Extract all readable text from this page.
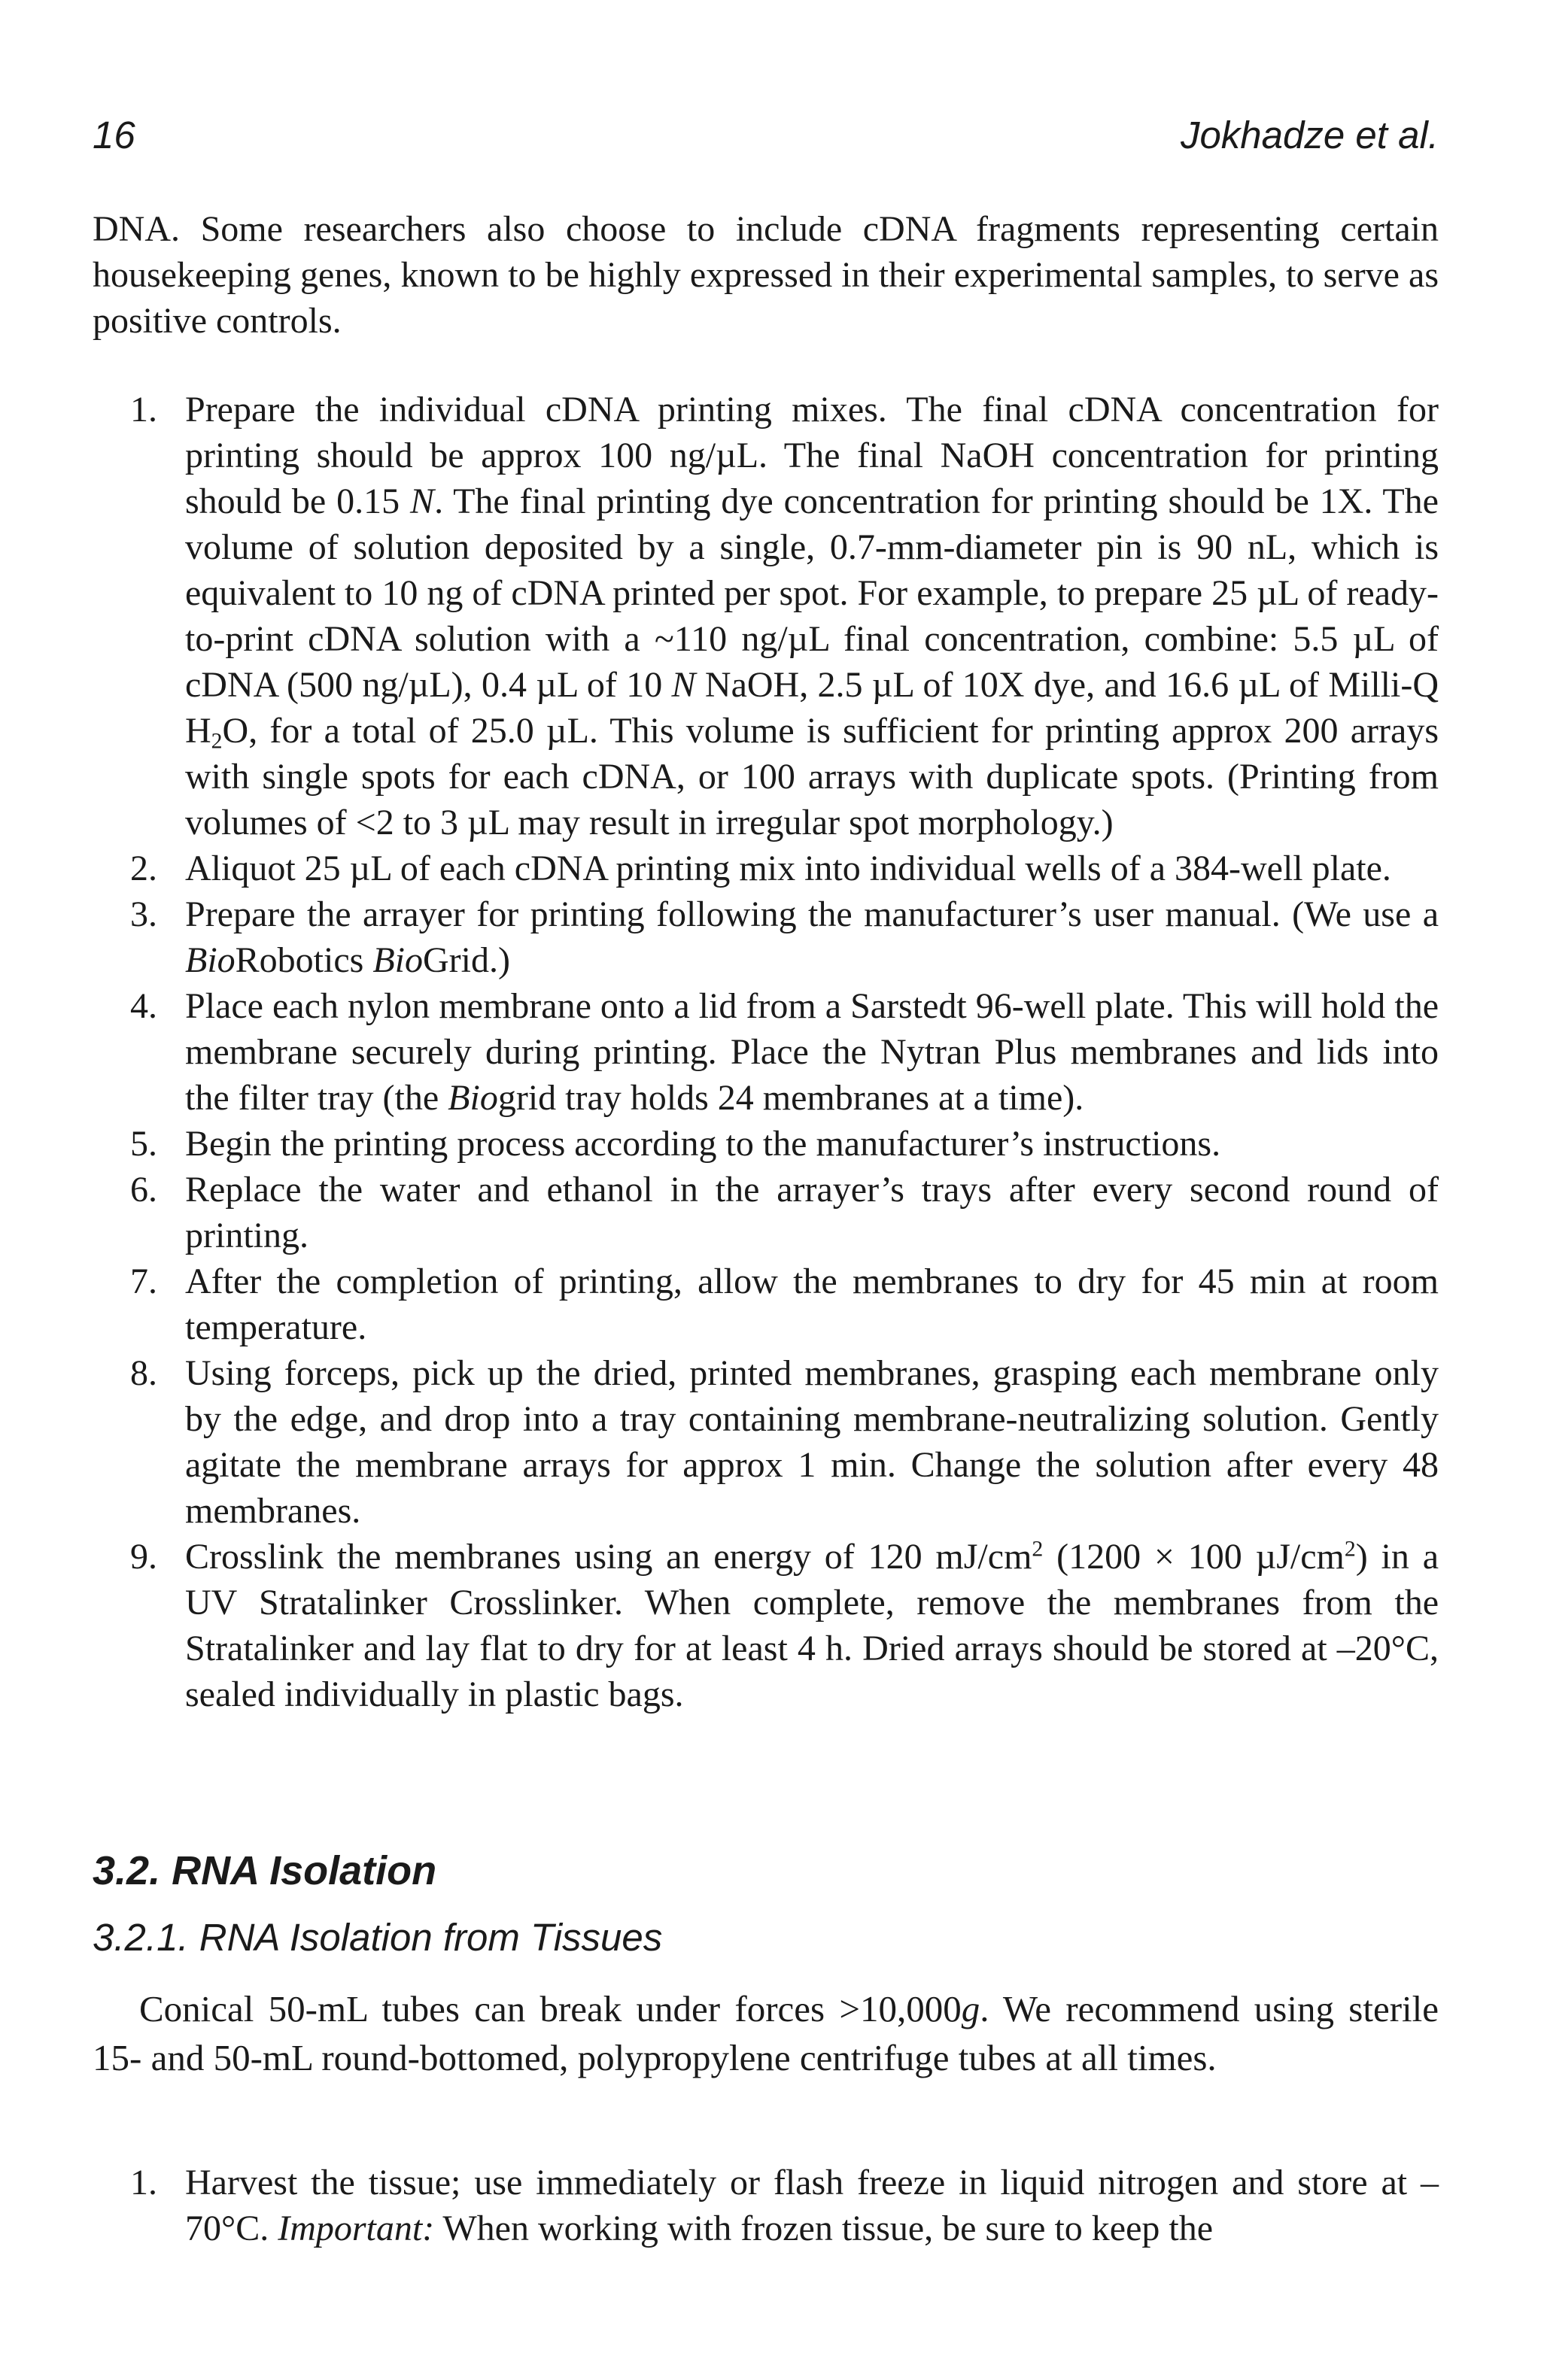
16	Jokhadze et al.

DNA. Some researchers also choose to include cDNA fragments representing certain housekeeping genes, known to be highly expressed in their experimental samples, to serve as positive controls.

1. Prepare the individual cDNA printing mixes. The final cDNA concentration for printing should be approx 100 ng/µL. The final NaOH concentration for printing should be 0.15 N. The final printing dye concentration for printing should be 1X. The volume of solution deposited by a single, 0.7-mm-diameter pin is 90 nL, which is equivalent to 10 ng of cDNA printed per spot. For example, to prepare 25 µL of ready-to-print cDNA solution with a ~110 ng/µL final concentration, combine: 5.5 µL of cDNA (500 ng/µL), 0.4 µL of 10 N NaOH, 2.5 µL of 10X dye, and 16.6 µL of Milli-Q $H_2O$, for a total of 25.0 µL. This volume is sufficient for printing approx 200 arrays with single spots for each cDNA, or 100 arrays with duplicate spots. (Printing from volumes of <2 to 3 µL may result in irregular spot morphology.)
2. Aliquot 25 µL of each cDNA printing mix into individual wells of a 384-well plate.
3. Prepare the arrayer for printing following the manufacturer’s user manual. (We use a BioRobotics BioGrid.)
4. Place each nylon membrane onto a lid from a Sarstedt 96-well plate. This will hold the membrane securely during printing. Place the Nytran Plus membranes and lids into the filter tray (the Biogrid tray holds 24 membranes at a time).
5. Begin the printing process according to the manufacturer’s instructions.
6. Replace the water and ethanol in the arrayer’s trays after every second round of printing.
7. After the completion of printing, allow the membranes to dry for 45 min at room temperature.
8. Using forceps, pick up the dried, printed membranes, grasping each membrane only by the edge, and drop into a tray containing membrane-neutralizing solution. Gently agitate the membrane arrays for approx 1 min. Change the solution after every 48 membranes.
9. Crosslink the membranes using an energy of 120 $mJ/cm^2$ (1200 × 100 $\mu J/cm^2$) in a UV Stratalinker Crosslinker. When complete, remove the membranes from the Stratalinker and lay flat to dry for at least 4 h. Dried arrays should be stored at –20°C, sealed individually in plastic bags.
3.2. RNA Isolation
3.2.1. RNA Isolation from Tissues

Conical 50-mL tubes can break under forces >10,000g. We recommend using sterile 15- and 50-mL round-bottomed, polypropylene centrifuge tubes at all times.

1. Harvest the tissue; use immediately or flash freeze in liquid nitrogen and store at –70°C. Important: When working with frozen tissue, be sure to keep the
